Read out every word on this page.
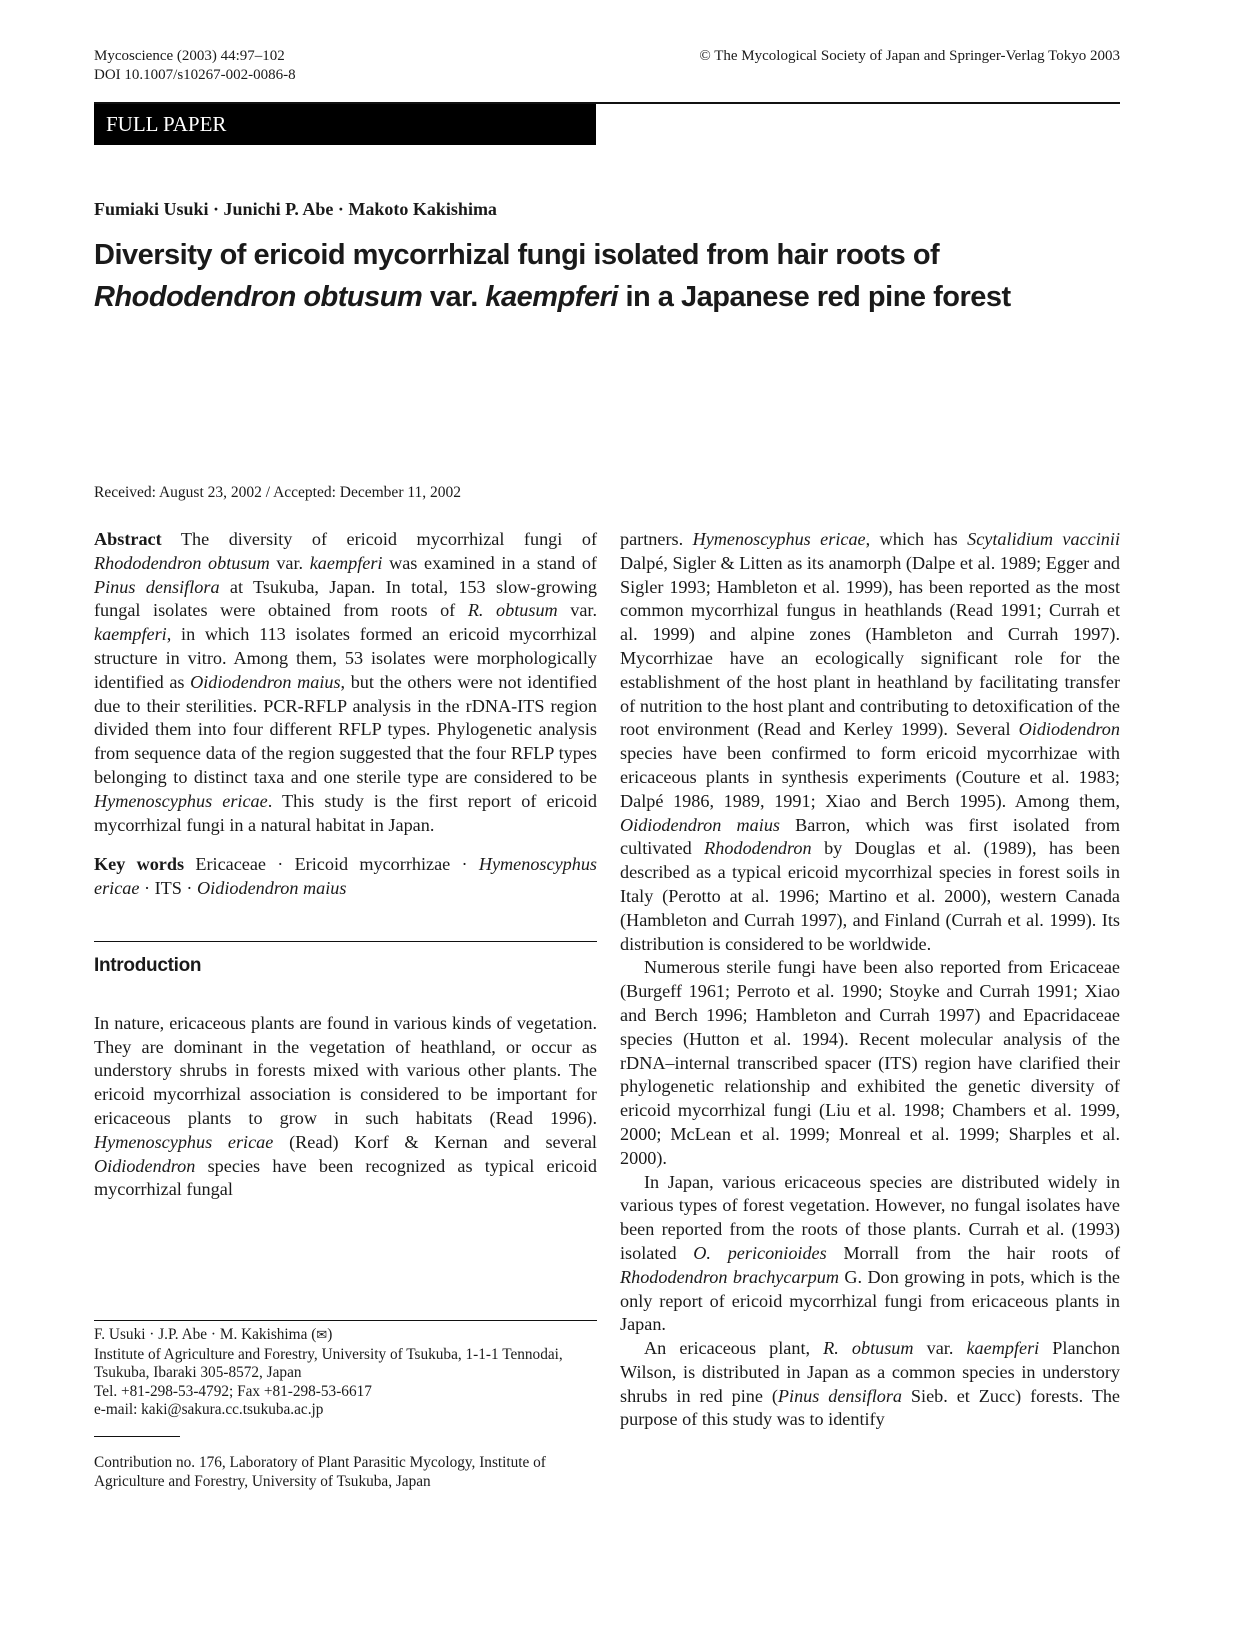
Mycoscience (2003) 44:97–102
DOI 10.1007/s10267-002-0086-8
© The Mycological Society of Japan and Springer-Verlag Tokyo 2003
FULL PAPER
Fumiaki Usuki · Junichi P. Abe · Makoto Kakishima
Diversity of ericoid mycorrhizal fungi isolated from hair roots of
Rhododendron obtusum var. kaempferi in a Japanese red pine forest
Received: August 23, 2002 / Accepted: December 11, 2002

Abstract The diversity of ericoid mycorrhizal fungi of Rhododendron obtusum var. kaempferi was examined in a stand of Pinus densiflora at Tsukuba, Japan. In total, 153 slow-growing fungal isolates were obtained from roots of R. obtusum var. kaempferi, in which 113 isolates formed an ericoid mycorrhizal structure in vitro. Among them, 53 isolates were morphologically identified as Oidiodendron maius, but the others were not identified due to their sterilities. PCR-RFLP analysis in the rDNA-ITS region divided them into four different RFLP types. Phylogenetic analysis from sequence data of the region suggested that the four RFLP types belonging to distinct taxa and one sterile type are considered to be Hymenoscyphus ericae. This study is the first report of ericoid mycorrhizal fungi in a natural habitat in Japan.

Key words Ericaceae · Ericoid mycorrhizae · Hymenoscyphus ericae · ITS · Oidiodendron maius

Introduction

In nature, ericaceous plants are found in various kinds of vegetation. They are dominant in the vegetation of heathland, or occur as understory shrubs in forests mixed with various other plants. The ericoid mycorrhizal association is considered to be important for ericaceous plants to grow in such habitats (Read 1996). Hymenoscyphus ericae (Read) Korf & Kernan and several Oidiodendron species have been recognized as typical ericoid mycorrhizal fungal

partners. Hymenoscyphus ericae, which has Scytalidium vaccinii Dalpé, Sigler & Litten as its anamorph (Dalpe et al. 1989; Egger and Sigler 1993; Hambleton et al. 1999), has been reported as the most common mycorrhizal fungus in heathlands (Read 1991; Currah et al. 1999) and alpine zones (Hambleton and Currah 1997). Mycorrhizae have an ecologically significant role for the establishment of the host plant in heathland by facilitating transfer of nutrition to the host plant and contributing to detoxification of the root environment (Read and Kerley 1999). Several Oidiodendron species have been confirmed to form ericoid mycorrhizae with ericaceous plants in synthesis experiments (Couture et al. 1983; Dalpé 1986, 1989, 1991; Xiao and Berch 1995). Among them, Oidiodendron maius Barron, which was first isolated from cultivated Rhododendron by Douglas et al. (1989), has been described as a typical ericoid mycorrhizal species in forest soils in Italy (Perotto at al. 1996; Martino et al. 2000), western Canada (Hambleton and Currah 1997), and Finland (Currah et al. 1999). Its distribution is considered to be worldwide.

Numerous sterile fungi have been also reported from Ericaceae (Burgeff 1961; Perroto et al. 1990; Stoyke and Currah 1991; Xiao and Berch 1996; Hambleton and Currah 1997) and Epacridaceae species (Hutton et al. 1994). Recent molecular analysis of the rDNA–internal transcribed spacer (ITS) region have clarified their phylogenetic relationship and exhibited the genetic diversity of ericoid mycorrhizal fungi (Liu et al. 1998; Chambers et al. 1999, 2000; McLean et al. 1999; Monreal et al. 1999; Sharples et al. 2000).

In Japan, various ericaceous species are distributed widely in various types of forest vegetation. However, no fungal isolates have been reported from the roots of those plants. Currah et al. (1993) isolated O. periconioides Morrall from the hair roots of Rhododendron brachycarpum G. Don growing in pots, which is the only report of ericoid mycorrhizal fungi from ericaceous plants in Japan.

An ericaceous plant, R. obtusum var. kaempferi Planchon Wilson, is distributed in Japan as a common species in understory shrubs in red pine (Pinus densiflora Sieb. et Zucc) forests. The purpose of this study was to identify

F. Usuki · J.P. Abe · M. Kakishima (✉)
Institute of Agriculture and Forestry, University of Tsukuba, 1-1-1 Tennodai, Tsukuba, Ibaraki 305-8572, Japan
Tel. +81-298-53-4792; Fax +81-298-53-6617
e-mail: kaki@sakura.cc.tsukuba.ac.jp
Contribution no. 176, Laboratory of Plant Parasitic Mycology, Institute of Agriculture and Forestry, University of Tsukuba, Japan
